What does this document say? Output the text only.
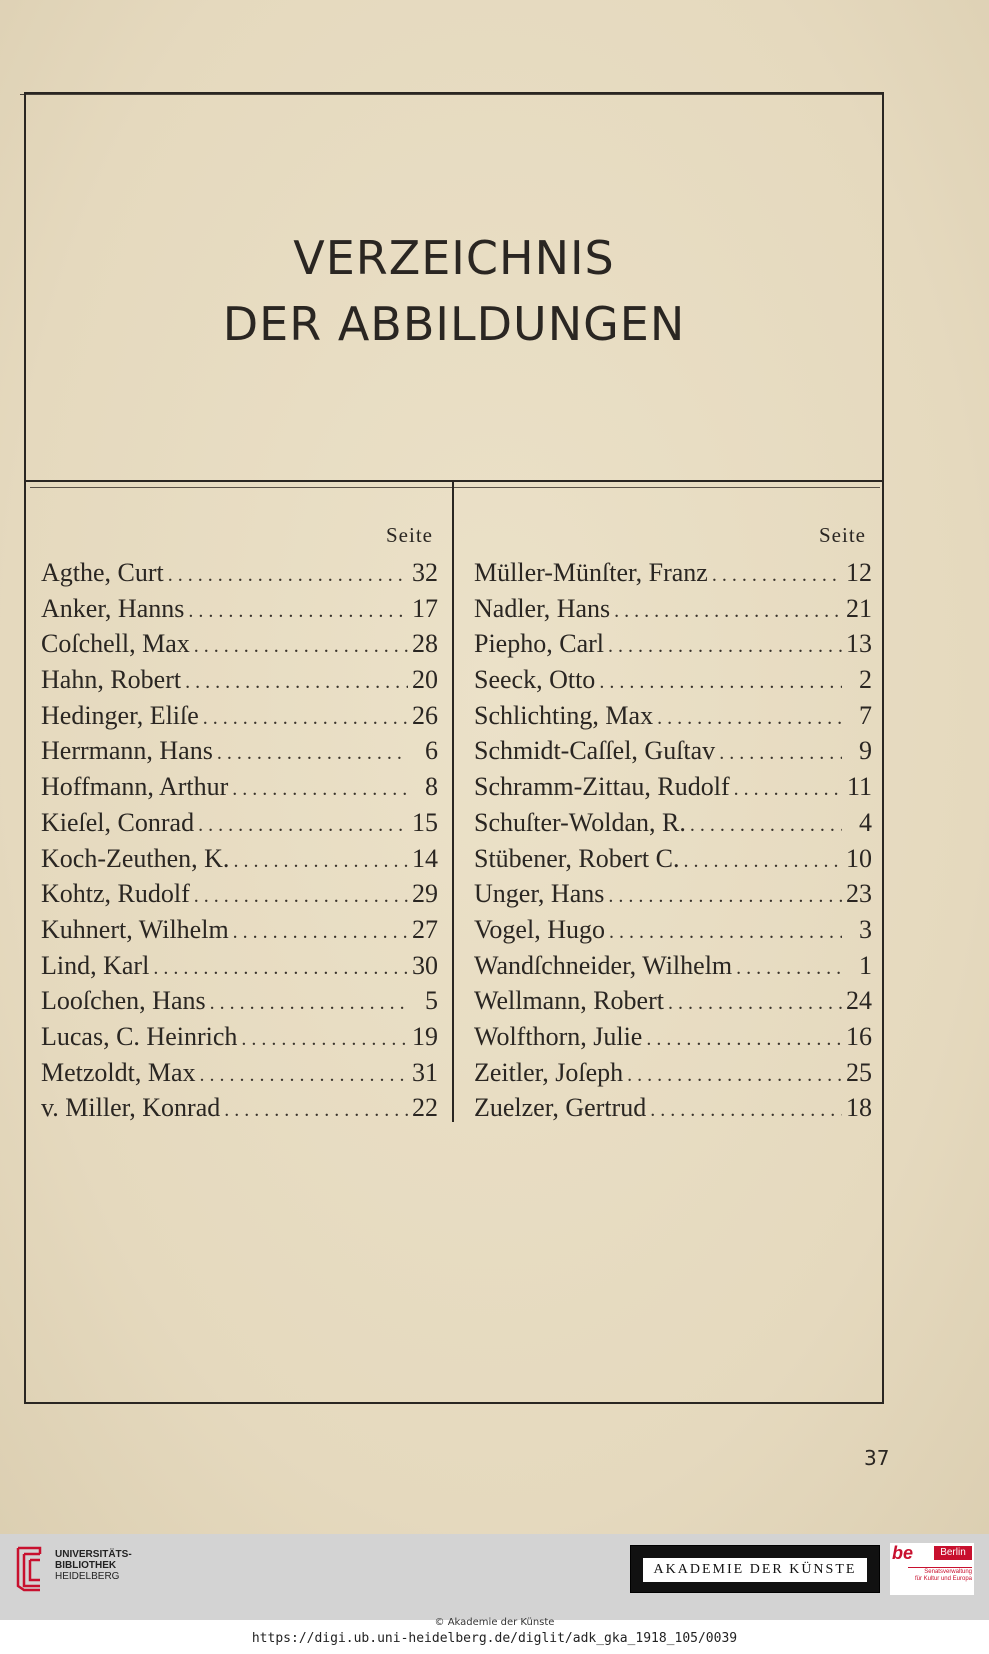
VERZEICHNIS
DER ABBILDUNGEN
Seite	Seite
Agthe, Curt . . .	32
Anker, Hanns . . .	17
Coſchell, Max . . .	28
Hahn, Robert . . .	20
Hedinger, Eliſe . . .	26
Herrmann, Hans . . .	6
Hoffmann, Arthur . . .	8
Kieſel, Conrad . . .	15
Koch-Zeuthen, K. . . .	14
Kohtz, Rudolf . . .	29
Kuhnert, Wilhelm . . .	27
Lind, Karl . . .	30
Looſchen, Hans . . .	5
Lucas, C. Heinrich . . .	19
Metzoldt, Max . . .	31
v. Miller, Konrad . . .	22
Müller-Münſter, Franz . . .	12
Nadler, Hans . . .	21
Piepho, Carl . . .	13
Seeck, Otto . . .	2
Schlichting, Max . . .	7
Schmidt-Caſſel, Guſtav . . .	9
Schramm-Zittau, Rudolf . . .	11
Schuſter-Woldan, R. . . .	4
Stübener, Robert C. . . .	10
Unger, Hans . . .	23
Vogel, Hugo . . .	3
Wandſchneider, Wilhelm . . .	1
Wellmann, Robert . . .	24
Wolfthorn, Julie . . .	16
Zeitler, Joſeph . . .	25
Zuelzer, Gertrud . . .	18
37
UNIVERSITÄTS-
BIBLIOTHEK
HEIDELBERG	AKADEMIE DER KÜNSTE
be	Berlin
Senatsverwaltung
für Kultur und Europa
© Akademie der Künste
https://digi.ub.uni-heidelberg.de/diglit/adk_gka_1918_105/0039
